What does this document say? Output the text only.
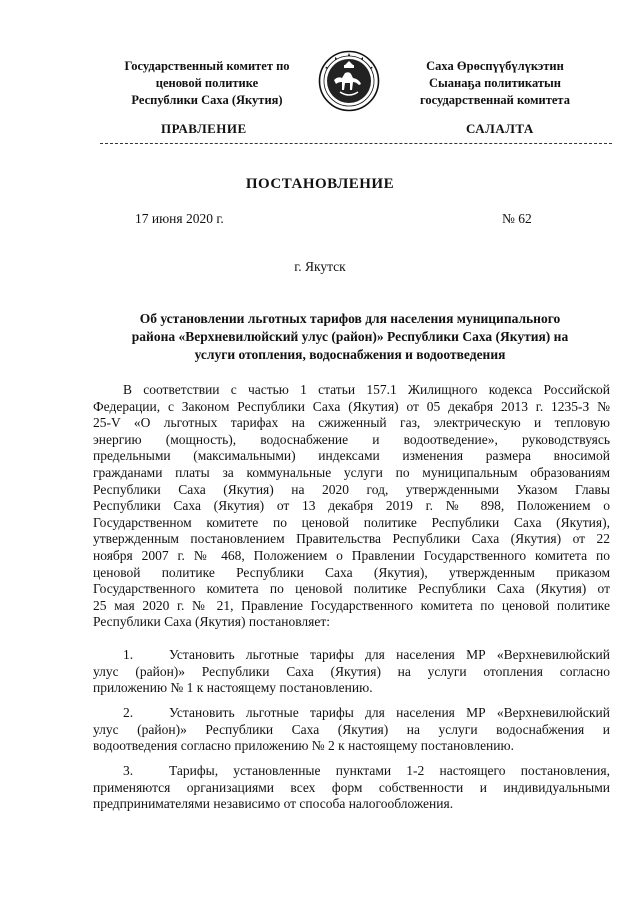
Государственный комитет по
ценовой политике
Республики Саха (Якутия)
Саха Өрөспүүбүлүкэтин
Сыанаҕа политикатын
государственнай комитета
ПРАВЛЕНИЕ	САЛАЛТА
ПОСТАНОВЛЕНИЕ
17 июня 2020 г.	№ 62
г. Якутск
Об установлении льготных тарифов для населения муниципального
района «Верхневилюйский улус (район)» Республики Саха (Якутия) на
услуги отопления, водоснабжения и водоотведения
В соответствии с частью 1 статьи 157.1 Жилищного кодекса Российской
Федерации, с Законом Республики Саха (Якутия) от 05 декабря 2013 г. 1235-З №
25-V «О льготных тарифах на сжиженный газ, электрическую и тепловую
энергию (мощность), водоснабжение и водоотведение», руководствуясь
предельными (максимальными) индексами изменения размера вносимой
гражданами платы за коммунальные услуги по муниципальным образованиям
Республики Саха (Якутия) на 2020 год, утвержденными Указом Главы
Республики Саха (Якутия) от 13 декабря 2019 г. № 898, Положением о
Государственном комитете по ценовой политике Республики Саха (Якутия),
утвержденным постановлением Правительства Республики Саха (Якутия) от 22
ноября 2007 г. № 468, Положением о Правлении Государственного комитета по
ценовой политике Республики Саха (Якутия), утвержденным приказом
Государственного комитета по ценовой политике Республики Саха (Якутия) от
25 мая 2020 г. № 21, Правление Государственного комитета по ценовой политике
Республики Саха (Якутия) постановляет:
1.	Установить льготные тарифы для населения МР «Верхневилюйский
улус (район)» Республики Саха (Якутия) на услуги отопления согласно
приложению № 1 к настоящему постановлению.
2.	Установить льготные тарифы для населения МР «Верхневилюйский
улус (район)» Республики Саха (Якутия) на услуги водоснабжения и
водоотведения согласно приложению № 2 к настоящему постановлению.
3.	Тарифы, установленные пунктами 1-2 настоящего постановления,
применяются организациями всех форм собственности и индивидуальными
предпринимателями независимо от способа налогообложения.
